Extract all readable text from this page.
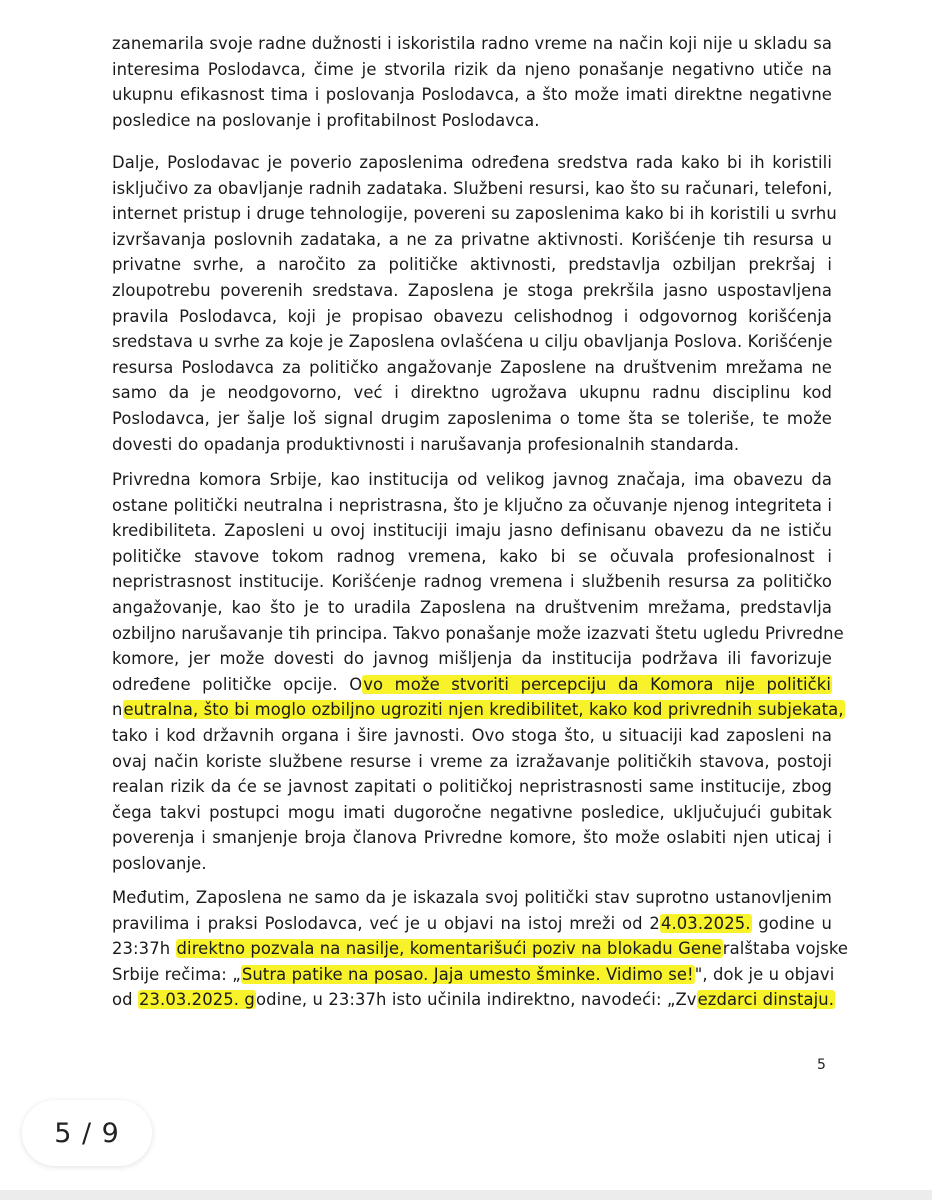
zanemarila svoje radne dužnosti i iskoristila radno vreme na način koji nije u skladu sa
interesima Poslodavca, čime je stvorila rizik da njeno ponašanje negativno utiče na
ukupnu efikasnost tima i poslovanja Poslodavca, a što može imati direktne negativne
posledice na poslovanje i profitabilnost Poslodavca.
Dalje, Poslodavac je poverio zaposlenima određena sredstva rada kako bi ih koristili
isključivo za obavljanje radnih zadataka. Službeni resursi, kao što su računari, telefoni,
internet pristup i druge tehnologije, povereni su zaposlenima kako bi ih koristili u svrhu
izvršavanja poslovnih zadataka, a ne za privatne aktivnosti. Korišćenje tih resursa u
privatne svrhe, a naročito za političke aktivnosti, predstavlja ozbiljan prekršaj i
zloupotrebu poverenih sredstava. Zaposlena je stoga prekršila jasno uspostavljena
pravila Poslodavca, koji je propisao obavezu celishodnog i odgovornog korišćenja
sredstava u svrhe za koje je Zaposlena ovlašćena u cilju obavljanja Poslova. Korišćenje
resursa Poslodavca za političko angažovanje Zaposlene na društvenim mrežama ne
samo da je neodgovorno, već i direktno ugrožava ukupnu radnu disciplinu kod
Poslodavca, jer šalje loš signal drugim zaposlenima o tome šta se toleriše, te može
dovesti do opadanja produktivnosti i narušavanja profesionalnih standarda.
Privredna komora Srbije, kao institucija od velikog javnog značaja, ima obavezu da
ostane politički neutralna i nepristrasna, što je ključno za očuvanje njenog integriteta i
kredibiliteta. Zaposleni u ovoj instituciji imaju jasno definisanu obavezu da ne ističu
političke stavove tokom radnog vremena, kako bi se očuvala profesionalnost i
nepristrasnost institucije. Korišćenje radnog vremena i službenih resursa za političko
angažovanje, kao što je to uradila Zaposlena na društvenim mrežama, predstavlja
ozbiljno narušavanje tih principa. Takvo ponašanje može izazvati štetu ugledu Privredne
komore, jer može dovesti do javnog mišljenja da institucija podržava ili favorizuje
određene političke opcije. Ovo može stvoriti percepciju da Komora nije politički
neutralna, što bi moglo ozbiljno ugroziti njen kredibilitet, kako kod privrednih subjekata,
tako i kod državnih organa i šire javnosti. Ovo stoga što, u situaciji kad zaposleni na
ovaj način koriste službene resurse i vreme za izražavanje političkih stavova, postoji
realan rizik da će se javnost zapitati o političkoj nepristrasnosti same institucije, zbog
čega takvi postupci mogu imati dugoročne negativne posledice, uključujući gubitak
poverenja i smanjenje broja članova Privredne komore, što može oslabiti njen uticaj i
poslovanje.
Međutim, Zaposlena ne samo da je iskazala svoj politički stav suprotno ustanovljenim
pravilima i praksi Poslodavca, već je u objavi na istoj mreži od 24.03.2025. godine u
23:37h direktno pozvala na nasilje, komentarišući poziv na blokadu Generalštaba vojske
Srbije rečima: „Sutra patike na posao. Jaja umesto šminke. Vidimo se!", dok je u objavi
od 23.03.2025. godine, u 23:37h isto učinila indirektno, navodeći: „Zvezdarci dinstaju.
5
5 / 9
